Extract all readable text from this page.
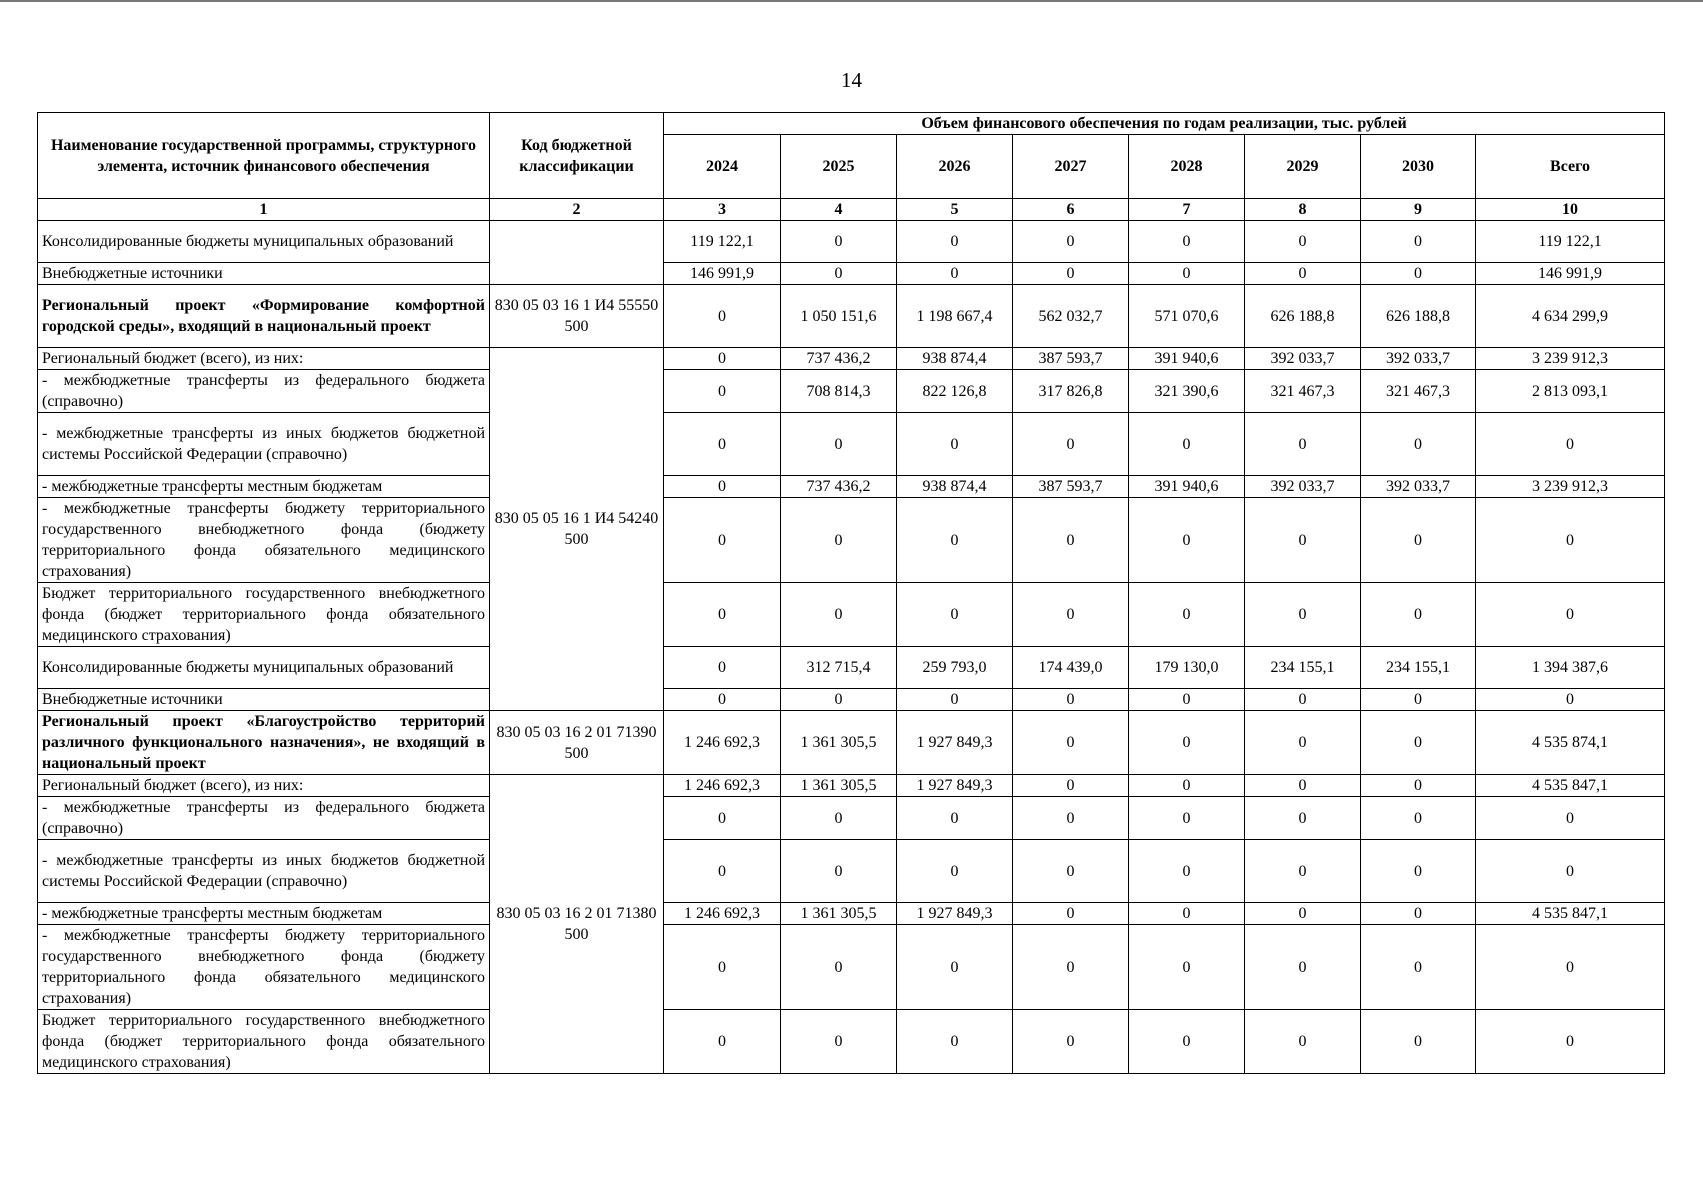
14
Наименование государственной программы, структурного элемента, источник финансового обеспечения	Код бюджетной классификации	Объем финансового обеспечения по годам реализации, тыс. рублей							
		2024	2025	2026	2027	2028	2029	2030	Всего
1	2	3	4	5	6	7	8	9	10
Консолидированные бюджеты муниципальных образований		119 122,1	0	0	0	0	0	0	119 122,1
Внебюджетные источники		146 991,9	0	0	0	0	0	0	146 991,9
Региональный проект «Формирование комфортной городской среды», входящий в национальный проект	830 05 03 16 1 И4 55550 500	0	1 050 151,6	1 198 667,4	562 032,7	571 070,6	626 188,8	626 188,8	4 634 299,9
Региональный бюджет (всего), из них:	830 05 05 16 1 И4 54240 500	0	737 436,2	938 874,4	387 593,7	391 940,6	392 033,7	392 033,7	3 239 912,3
- межбюджетные трансферты из федерального бюджета (справочно)		0	708 814,3	822 126,8	317 826,8	321 390,6	321 467,3	321 467,3	2 813 093,1
- межбюджетные трансферты из иных бюджетов бюджетной системы Российской Федерации (справочно)		0	0	0	0	0	0	0	0
- межбюджетные трансферты местным бюджетам		0	737 436,2	938 874,4	387 593,7	391 940,6	392 033,7	392 033,7	3 239 912,3
- межбюджетные трансферты бюджету территориального государственного внебюджетного фонда (бюджету территориального фонда обязательного медицинского страхования)		0	0	0	0	0	0	0	0
Бюджет территориального государственного внебюджетного фонда (бюджет территориального фонда обязательного медицинского страхования)		0	0	0	0	0	0	0	0
Консолидированные бюджеты муниципальных образований		0	312 715,4	259 793,0	174 439,0	179 130,0	234 155,1	234 155,1	1 394 387,6
Внебюджетные источники		0	0	0	0	0	0	0	0
Региональный проект «Благоустройство территорий различного функционального назначения», не входящий в национальный проект	830 05 03 16 2 01 71390 500	1 246 692,3	1 361 305,5	1 927 849,3	0	0	0	0	4 535 874,1
Региональный бюджет (всего), из них:	830 05 03 16 2 01 71380 500	1 246 692,3	1 361 305,5	1 927 849,3	0	0	0	0	4 535 847,1
- межбюджетные трансферты из федерального бюджета (справочно)		0	0	0	0	0	0	0	0
- межбюджетные трансферты из иных бюджетов бюджетной системы Российской Федерации (справочно)		0	0	0	0	0	0	0	0
- межбюджетные трансферты местным бюджетам		1 246 692,3	1 361 305,5	1 927 849,3	0	0	0	0	4 535 847,1
- межбюджетные трансферты бюджету территориального государственного внебюджетного фонда (бюджету территориального фонда обязательного медицинского страхования)		0	0	0	0	0	0	0	0
Бюджет территориального государственного внебюджетного фонда (бюджет территориального фонда обязательного медицинского страхования)		0	0	0	0	0	0	0	0
